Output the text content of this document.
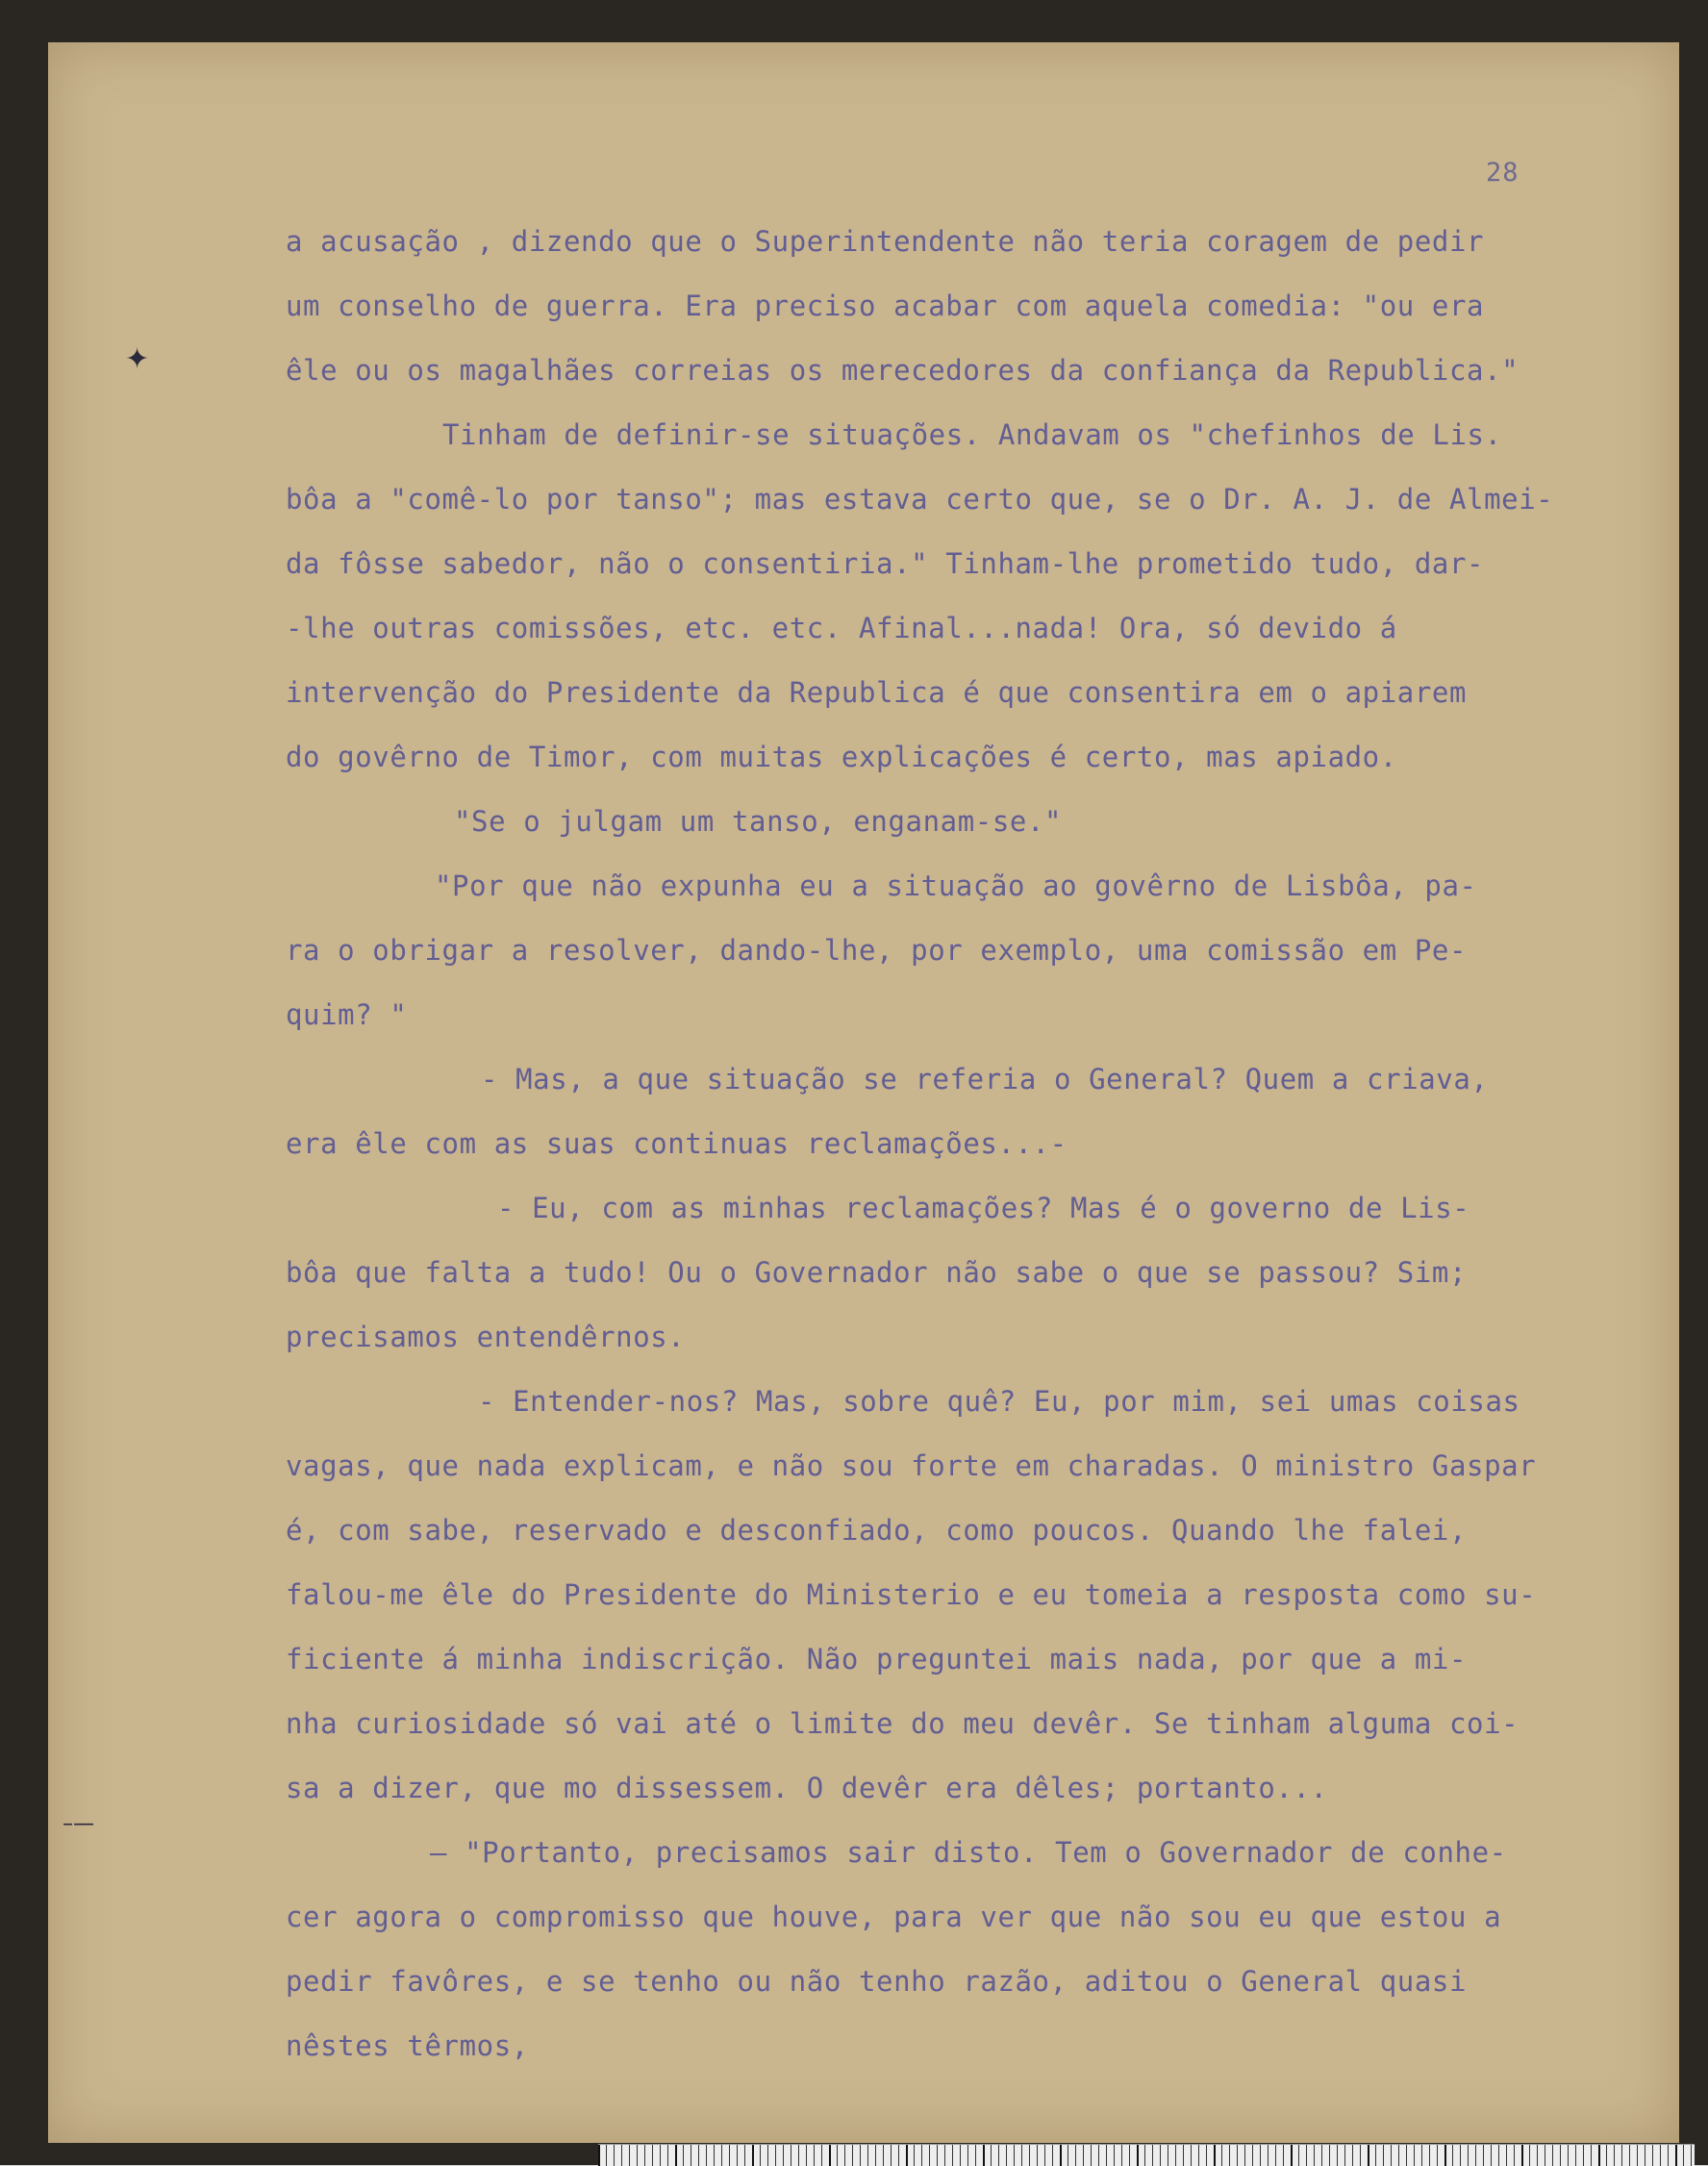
28
a acusação , dizendo que o Superintendente não teria coragem de pedir
um conselho de guerra. Era preciso acabar com aquela comedia: "ou era
êle ou os magalhães correias os merecedores da confiança da Republica."
Tinham de definir-se situações. Andavam os "chefinhos de Lis.
bôa a "comê-lo por tanso"; mas estava certo que, se o Dr. A. J. de Almei-
da fôsse sabedor, não o consentiria." Tinham-lhe prometido tudo, dar-
-lhe outras comissões, etc. etc. Afinal...nada! Ora, só devido á
intervenção do Presidente da Republica é que consentira em o apiarem
do govêrno de Timor, com muitas explicações é certo, mas apiado.
"Se o julgam um tanso, enganam-se."
"Por que não expunha eu a situação ao govêrno de Lisbôa, pa-
ra o obrigar a resolver, dando-lhe, por exemplo, uma comissão em Pe-
quim? "
- Mas, a que situação se referia o General? Quem a criava,
era êle com as suas continuas reclamações...-
- Eu, com as minhas reclamações? Mas é o governo de Lis-
bôa que falta a tudo! Ou o Governador não sabe o que se passou? Sim;
precisamos entendêrnos.
- Entender-nos? Mas, sobre quê? Eu, por mim, sei umas coisas
vagas, que nada explicam, e não sou forte em charadas. O ministro Gaspar
é, com sabe, reservado e desconfiado, como poucos. Quando lhe falei,
falou-me êle do Presidente do Ministerio e eu tomeia a resposta como su-
ficiente á minha indiscrição. Não preguntei mais nada, por que a mi-
nha curiosidade só vai até o limite do meu devêr. Se tinham alguma coi-
sa a dizer, que mo dissessem. O devêr era dêles; portanto...
— "Portanto, precisamos sair disto. Tem o Governador de conhe-
cer agora o compromisso que houve, para ver que não sou eu que estou a
pedir favôres, e se tenho ou não tenho razão, aditou o General quasi
nêstes têrmos,
✦
–—
